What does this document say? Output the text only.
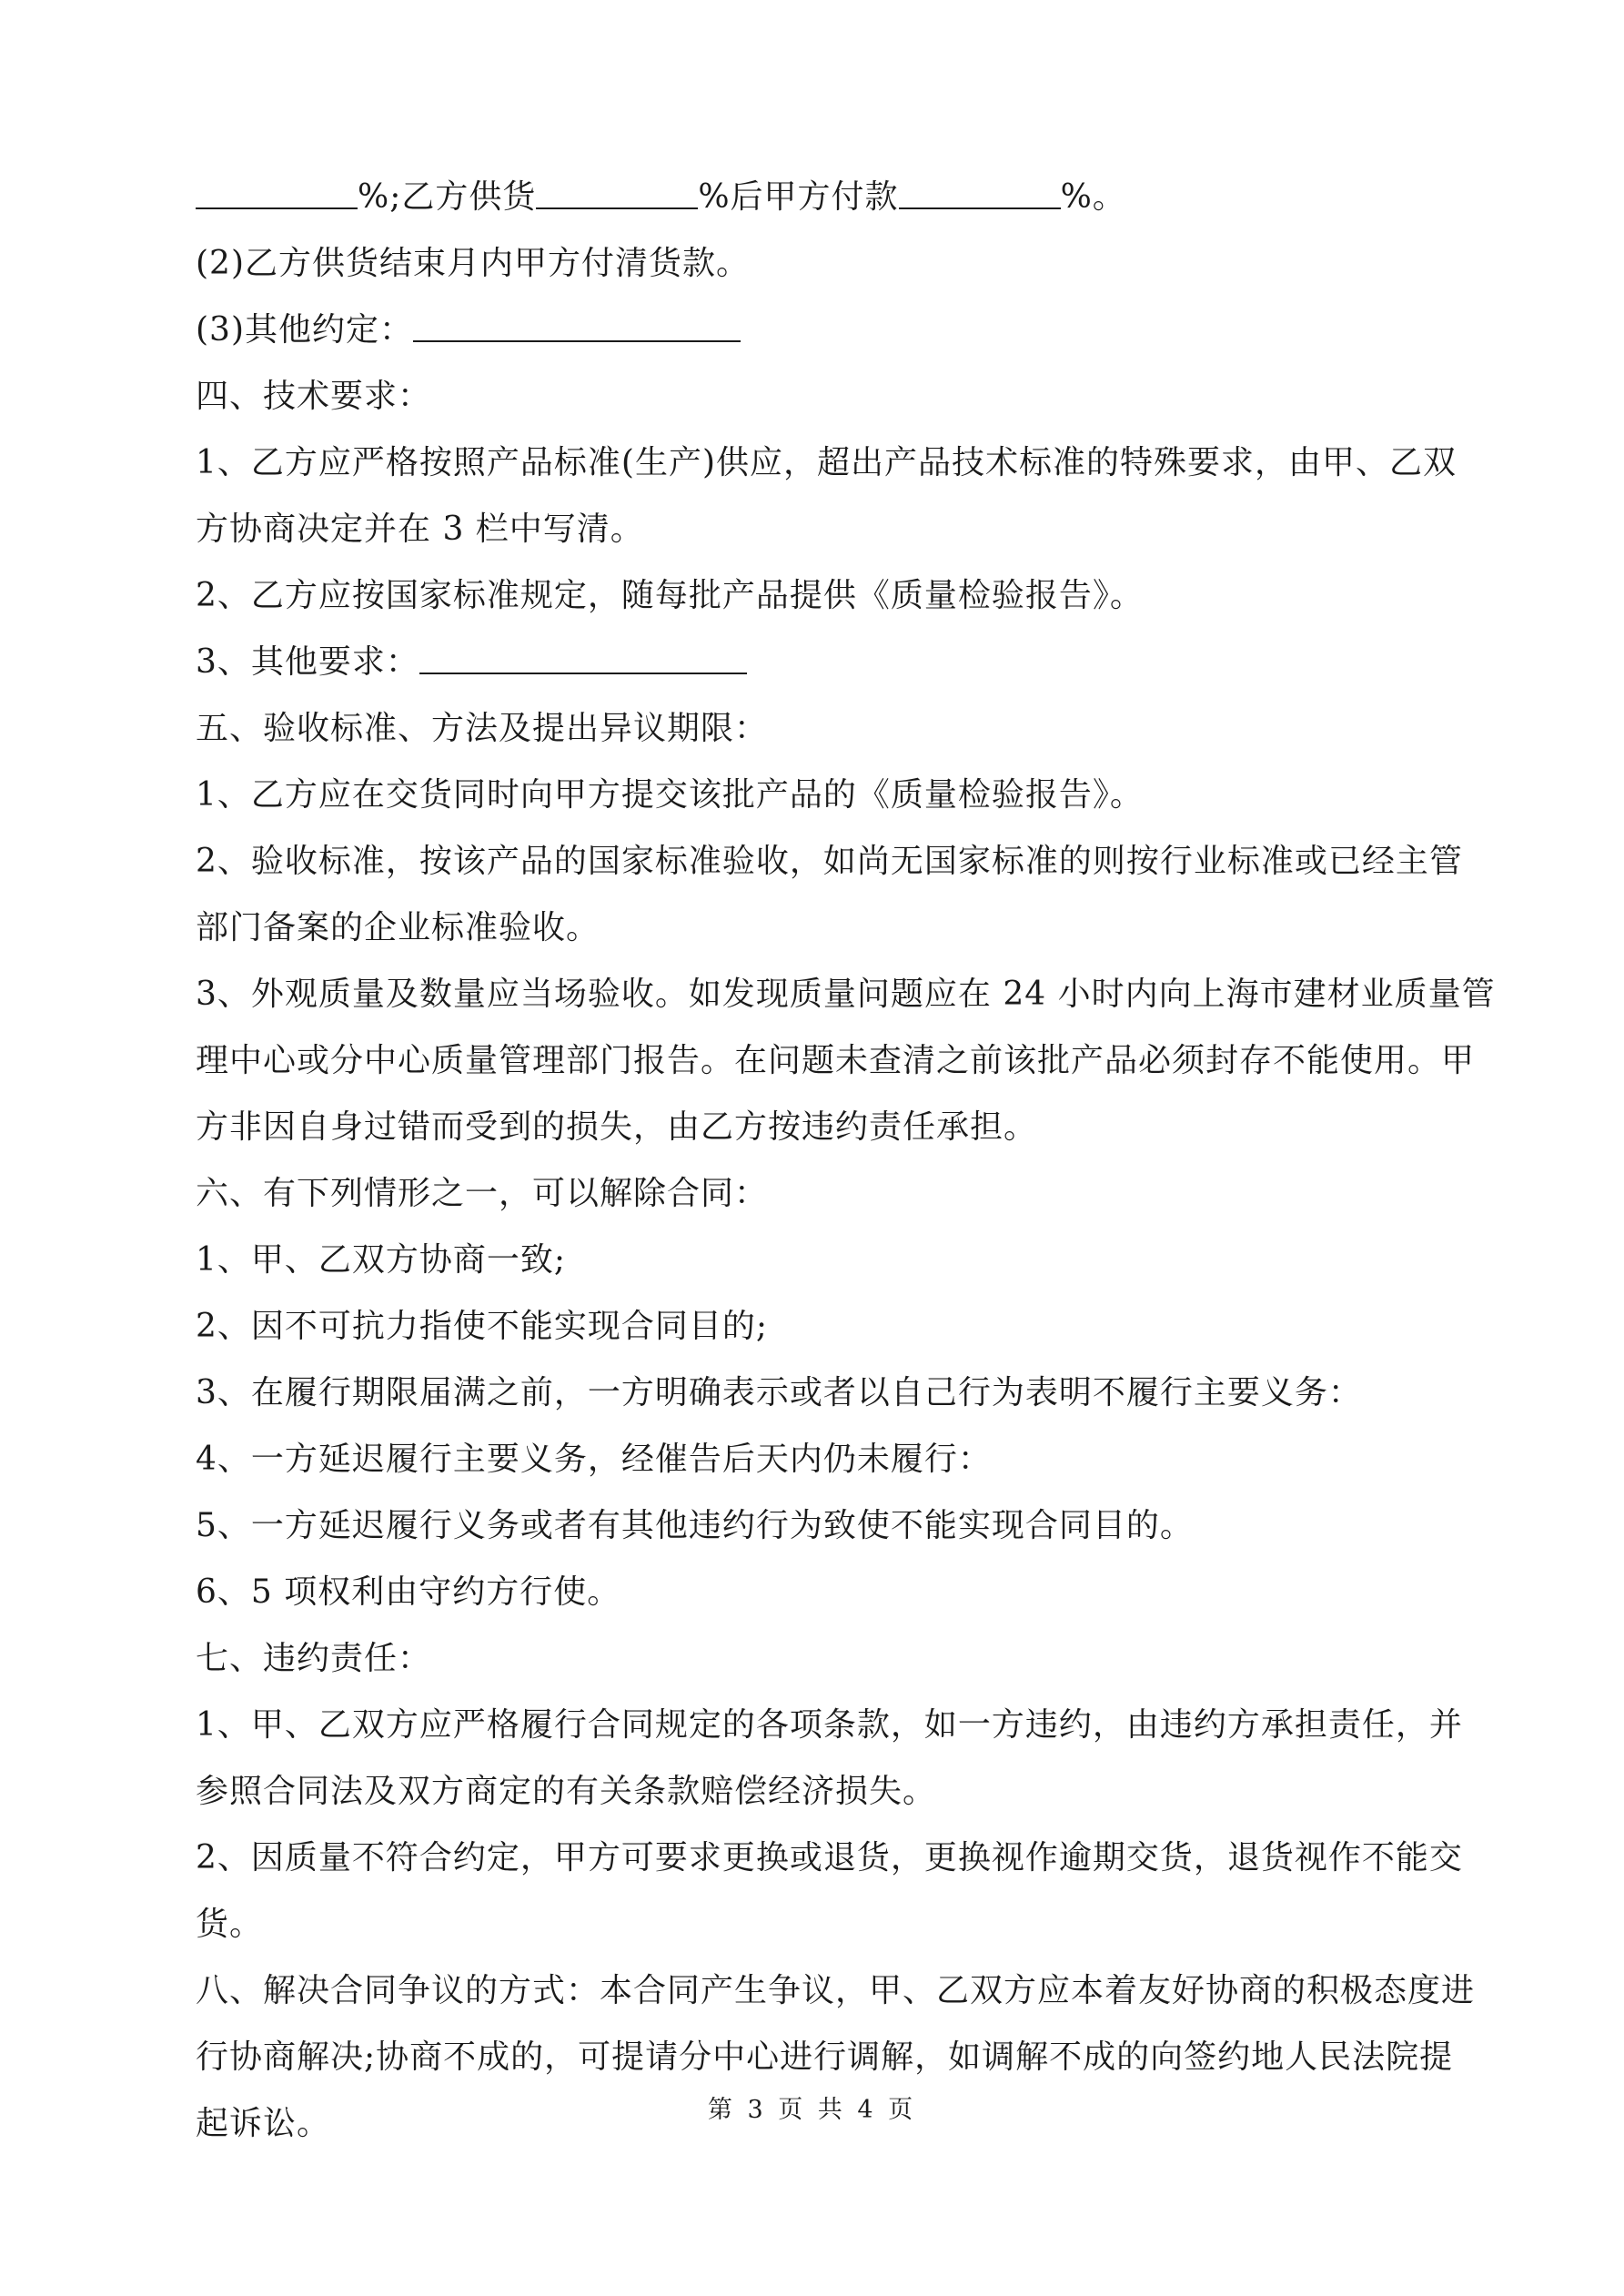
%;乙方供货	%后甲方付款	%。
(2)乙方供货结束月内甲方付清货款。
(3)其他约定：
四、技术要求：
1、乙方应严格按照产品标准(生产)供应，超出产品技术标准的特殊要求，由甲、乙双
方协商决定并在 3 栏中写清。
2、乙方应按国家标准规定，随每批产品提供《质量检验报告》。
3、其他要求：
五、验收标准、方法及提出异议期限：
1、乙方应在交货同时向甲方提交该批产品的《质量检验报告》。
2、验收标准，按该产品的国家标准验收，如尚无国家标准的则按行业标准或已经主管
部门备案的企业标准验收。
3、外观质量及数量应当场验收。如发现质量问题应在 24 小时内向上海市建材业质量管
理中心或分中心质量管理部门报告。在问题未查清之前该批产品必须封存不能使用。甲
方非因自身过错而受到的损失，由乙方按违约责任承担。
六、有下列情形之一，可以解除合同：
1、甲、乙双方协商一致;
2、因不可抗力指使不能实现合同目的;
3、在履行期限届满之前，一方明确表示或者以自己行为表明不履行主要义务：
4、一方延迟履行主要义务，经催告后天内仍未履行：
5、一方延迟履行义务或者有其他违约行为致使不能实现合同目的。
6、5 项权利由守约方行使。
七、违约责任：
1、甲、乙双方应严格履行合同规定的各项条款，如一方违约，由违约方承担责任，并
参照合同法及双方商定的有关条款赔偿经济损失。
2、因质量不符合约定，甲方可要求更换或退货，更换视作逾期交货，退货视作不能交
货。
八、解决合同争议的方式：本合同产生争议，甲、乙双方应本着友好协商的积极态度进
行协商解决;协商不成的，可提请分中心进行调解，如调解不成的向签约地人民法院提
起诉讼。	第 3 页 共 4 页
